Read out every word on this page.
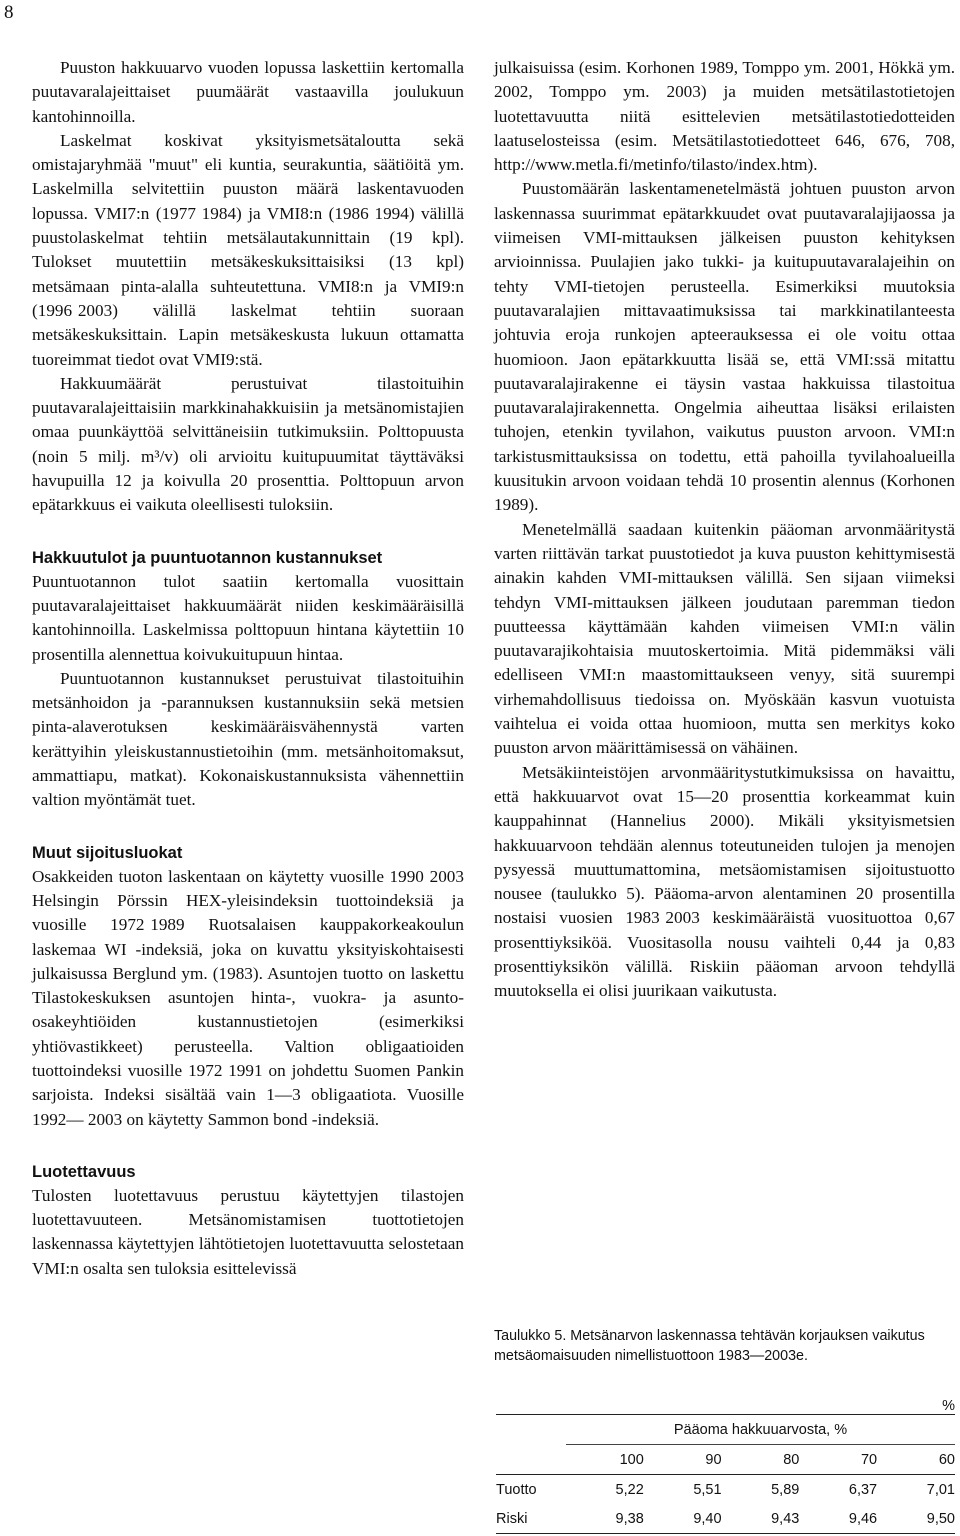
8

Puuston hakkuuarvo vuoden lopussa laskettiin kertomalla puutavaralajeittaiset puumäärät vastaavilla joulukuun kantohinnoilla.

Laskelmat koskivat yksityismetsätaloutta sekä omistajaryhmää "muut" eli kuntia, seurakuntia, säätiöitä ym. Laskelmilla selvitettiin puuston määrä laskentavuoden lopussa. VMI7:n (1977 1984) ja VMI8:n (1986 1994) välillä puustolaskelmat tehtiin metsälautakunnittain (19 kpl). Tulokset muutettiin metsäkeskuksittaisiksi (13 kpl) metsämaan pinta-alalla suhteutettuna. VMI8:n ja VMI9:n (1996 2003) välillä laskelmat tehtiin suoraan metsäkeskuksittain. Lapin metsäkeskusta lukuun ottamatta tuoreimmat tiedot ovat VMI9:stä.

Hakkuumäärät perustuivat tilastoituihin puutavaralajeittaisiin markkinahakkuisiin ja metsänomistajien omaa puunkäyttöä selvittäneisiin tutkimuksiin. Polttopuusta (noin 5 milj. m³/v) oli arvioitu kuitupuumitat täyttäväksi havupuilla 12 ja koivulla 20 prosenttia. Polttopuun arvon epätarkkuus ei vaikuta oleellisesti tuloksiin.

Hakkuutulot ja puuntuotannon kustannukset

Puuntuotannon tulot saatiin kertomalla vuosittain puutavaralajeittaiset hakkuumäärät niiden keskimääräisillä kantohinnoilla. Laskelmissa polttopuun hintana käytettiin 10 prosentilla alennettua koivukuitupuun hintaa.

Puuntuotannon kustannukset perustuivat tilastoituihin metsänhoidon ja -parannuksen kustannuksiin sekä metsien pinta-alaverotuksen keskimääräisvähennystä varten kerättyihin yleiskustannustietoihin (mm. metsänhoitomaksut, ammattiapu, matkat). Kokonaiskustannuksista vähennettiin valtion myöntämät tuet.

Muut sijoitusluokat

Osakkeiden tuoton laskentaan on käytetty vuosille 1990 2003 Helsingin Pörssin HEX-yleisindeksin tuottoindeksiä ja vuosille 1972 1989 Ruotsalaisen kauppakorkeakoulun laskemaa WI -indeksiä, joka on kuvattu yksityiskohtaisesti julkaisussa Berglund ym. (1983). Asuntojen tuotto on laskettu Tilastokeskuksen asuntojen hinta-, vuokra- ja asunto-osakeyhtiöiden kustannustietojen (esimerkiksi yhtiövastikkeet) perusteella. Valtion obligaatioiden tuottoindeksi vuosille 1972 1991 on johdettu Suomen Pankin sarjoista. Indeksi sisältää vain 1—3 obligaatiota. Vuosille 1992— 2003 on käytetty Sammon bond -indeksiä.

Luotettavuus

Tulosten luotettavuus perustuu käytettyjen tilastojen luotettavuuteen. Metsänomistamisen tuottotietojen laskennassa käytettyjen lähtötietojen luotettavuutta selostetaan VMI:n osalta sen tuloksia esittelevissä

julkaisuissa (esim. Korhonen 1989, Tomppo ym. 2001, Hökkä ym. 2002, Tomppo ym. 2003) ja muiden metsätilastotietojen luotettavuutta niitä esittelevien metsätilastotiedotteiden laatuselosteissa (esim. Metsätilastotiedotteet 646, 676, 708, http://www.metla.fi/metinfo/tilasto/index.htm).

Puustomäärän laskentamenetelmästä johtuen puuston arvon laskennassa suurimmat epätarkkuudet ovat puutavaralajijaossa ja viimeisen VMI-mittauksen jälkeisen puuston kehityksen arvioinnissa. Puulajien jako tukki- ja kuitupuutavaralajeihin on tehty VMI-tietojen perusteella. Esimerkiksi muutoksia puutavaralajien mittavaatimuksissa tai markkinatilanteesta johtuvia eroja runkojen apteerauksessa ei ole voitu ottaa huomioon. Jaon epätarkkuutta lisää se, että VMI:ssä mitattu puutavaralajirakenne ei täysin vastaa hakkuissa tilastoitua puutavaralajirakennetta. Ongelmia aiheuttaa lisäksi erilaisten tuhojen, etenkin tyvilahon, vaikutus puuston arvoon. VMI:n tarkistusmittauksissa on todettu, että pahoilla tyvilahoalueilla kuusitukin arvoon voidaan tehdä 10 prosentin alennus (Korhonen 1989).

Menetelmällä saadaan kuitenkin pääoman arvonmääritystä varten riittävän tarkat puustotiedot ja kuva puuston kehittymisestä ainakin kahden VMI-mittauksen välillä. Sen sijaan viimeksi tehdyn VMI-mittauksen jälkeen joudutaan paremman tiedon puutteessa käyttämään kahden viimeisen VMI:n välin puutavarajikohtaisia muutoskertoimia. Mitä pidemmäksi väli edelliseen VMI:n maastomittaukseen venyy, sitä suurempi virhemahdollisuus tiedoissa on. Myöskään kasvun vuotuista vaihtelua ei voida ottaa huomioon, mutta sen merkitys koko puuston arvon määrittämisessä on vähäinen.

Metsäkiinteistöjen arvonmääritystutkimuksissa on havaittu, että hakkuuarvot ovat 15—20 prosenttia korkeammat kuin kauppahinnat (Hannelius 2000). Mikäli yksityismetsien hakkuuarvoon tehdään alennus toteutuneiden tulojen ja menojen pysyessä muuttumattomina, metsäomistamisen sijoitustuotto nousee (taulukko 5). Pääoma-arvon alentaminen 20 prosentilla nostaisi vuosien 1983 2003 keskimääräistä vuosituottoa 0,67 prosenttiyksiköä. Vuositasolla nousu vaihteli 0,44 ja 0,83 prosenttiyksikön välillä. Riskiin pääoman arvoon tehdyllä muutoksella ei olisi juurikaan vaikutusta.

Taulukko 5. Metsänarvon laskennassa tehtävän korjauksen vaikutus metsäomaisuuden nimellistuottoon 1983—2003e.
%					
	Pääoma hakkuuarvosta, %				
	100	90	80	70	60
Tuotto	5,22	5,51	5,89	6,37	7,01
Riski	9,38	9,40	9,43	9,46	9,50
